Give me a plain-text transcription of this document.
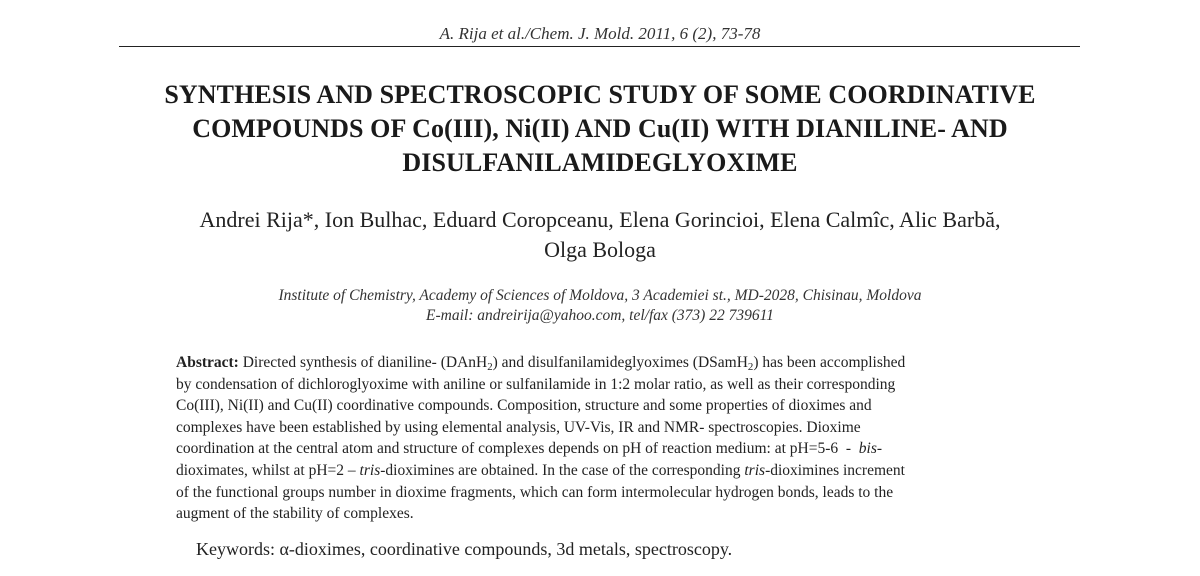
A. Rija et al./Chem. J. Mold. 2011, 6 (2), 73-78
SYNTHESIS AND SPECTROSCOPIC STUDY OF SOME COORDINATIVE
COMPOUNDS OF Co(III), Ni(II) AND Cu(II) WITH DIANILINE- AND
DISULFANILAMIDEGLYOXIME
Andrei Rija*, Ion Bulhac, Eduard Coropceanu, Elena Gorincioi, Elena Calmîc, Alic Barbă,
Olga Bologa
Institute of Chemistry, Academy of Sciences of Moldova, 3 Academiei st., MD-2028, Chisinau, Moldova
E-mail: andreirija@yahoo.com, tel/fax (373) 22 739611
Abstract: Directed synthesis of dianiline- (DAnH$_2$) and disulfanilamideglyoximes (DSamH$_2$) has been accomplished
by condensation of dichloroglyoxime with aniline or sulfanilamide in 1:2 molar ratio, as well as their corresponding
Co(III), Ni(II) and Cu(II) coordinative compounds. Composition, structure and some properties of dioximes and
complexes have been established by using elemental analysis, UV-Vis, IR and NMR- spectroscopies. Dioxime
coordination at the central atom and structure of complexes depends on pH of reaction medium: at pH=5-6  -  bis-
dioximates, whilst at pH=2 – tris-dioximines are obtained. In the case of the corresponding tris-dioximines increment
of the functional groups number in dioxime fragments, which can form intermolecular hydrogen bonds, leads to the
augment of the stability of complexes.
Keywords: α-dioximes, coordinative compounds, 3d metals, spectroscopy.
